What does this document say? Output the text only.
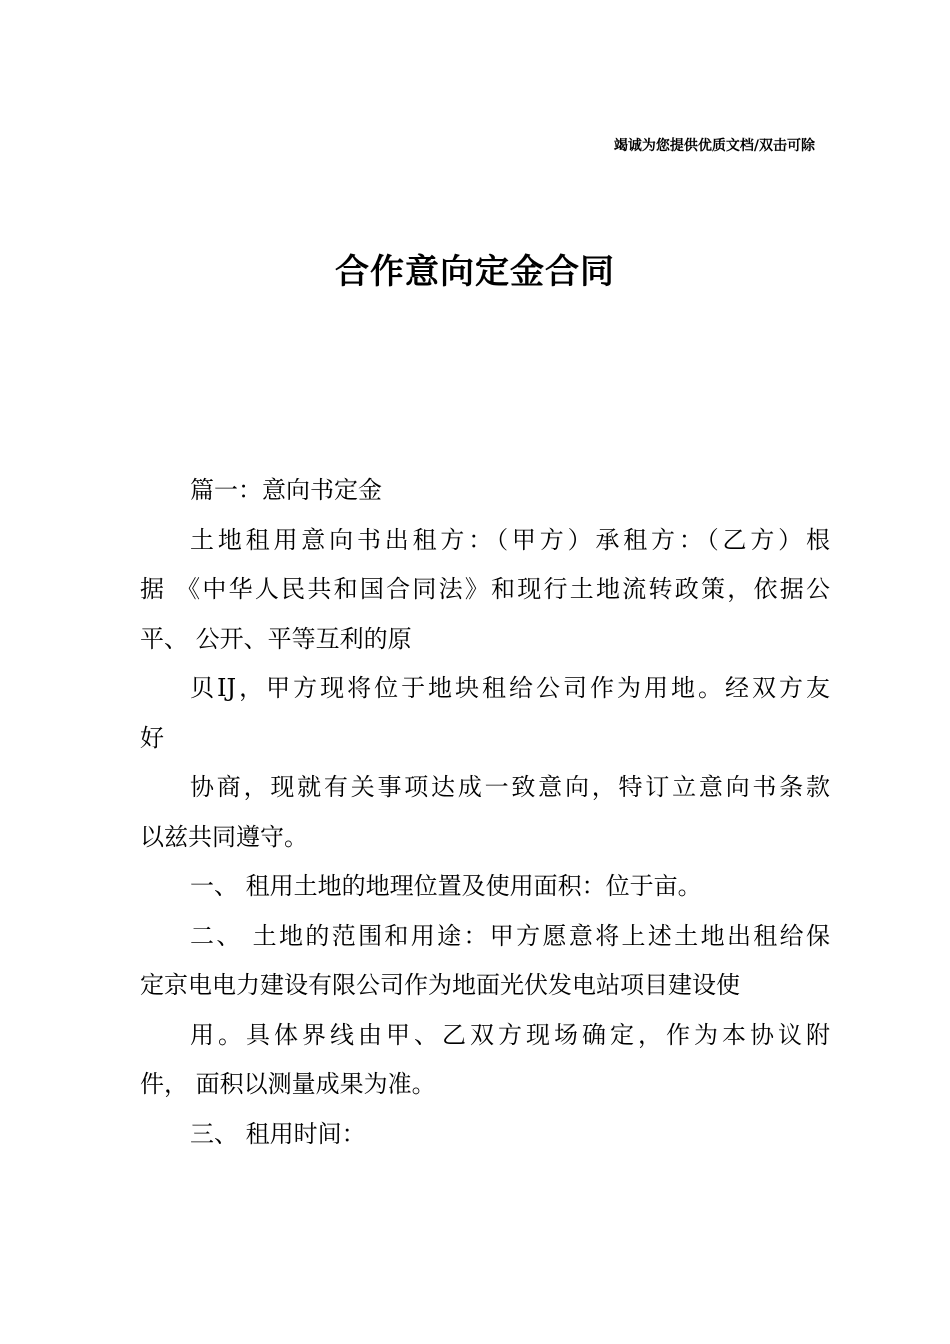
竭诚为您提供优质文档/双击可除
合作意向定金合同
篇一：意向书定金
土地租用意向书出租方：（甲方）承租方：（乙方）根
据 《中华人民共和国合同法》和现行土地流转政策，依据公
平、 公开、平等互利的原
贝IJ，甲方现将位于地块租给公司作为用地。经双方友
好
协商，现就有关事项达成一致意向，特订立意向书条款
以兹共同遵守。
一、 租用土地的地理位置及使用面积：位于亩。
二、 土地的范围和用途：甲方愿意将上述土地出租给保
定京电电力建设有限公司作为地面光伏发电站项目建设使
用。具体界线由甲、乙双方现场确定，作为本协议附
件， 面积以测量成果为准。
三、 租用时间：
